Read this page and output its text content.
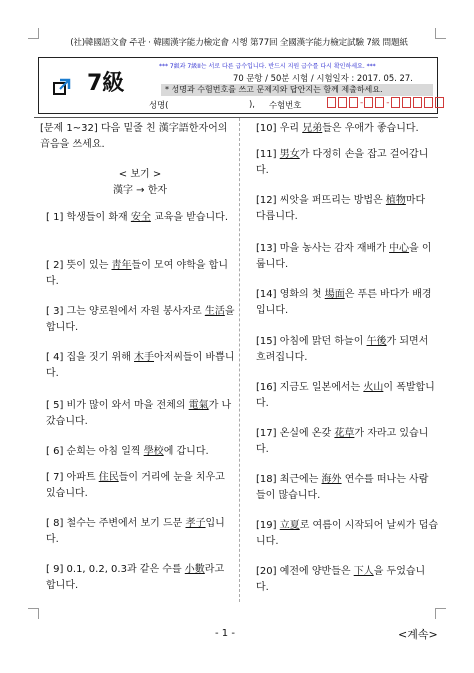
(社)韓國語文會 주관 · 韓國漢字能力檢定會 시행 第77回 全國漢字能力檢定試驗 7級 問題紙
7級
*** 7級과 7級II는 서로 다른 급수입니다. 반드시 지원 급수를 다시 확인하세요. ***
70 문항 / 50분 시험 / 시험일자 : 2017. 05. 27.
* 성명과 수험번호를 쓰고 문제지와 답안지는 함께 제출하세요.
성명(	), 수험번호	-	-
[문제 1~32] 다음 밑줄 친 漢字語한자어의 音음을 쓰세요.
< 보기 >
漢字 → 한자
[ 1] 학생들이 화재 安全 교육을 받습니다.
[ 2] 뜻이 있는 靑年들이 모여 야학을 합니다.
[ 3] 그는 양로원에서 자원 봉사자로 生活을 합니다.
[ 4] 집을 짓기 위해 木手아저씨들이 바쁩니다.
[ 5] 비가 많이 와서 마을 전체의 電氣가 나갔습니다.
[ 6] 순희는 아침 일찍 學校에 갑니다.
[ 7] 아파트 住民들이 거리에 눈을 치우고 있습니다.
[ 8] 철수는 주변에서 보기 드문 孝子입니다.
[ 9] 0.1, 0.2, 0.3과 같은 수를 小數라고 합니다.
[10] 우리 兄弟들은 우애가 좋습니다.
[11] 男女가 다정히 손을 잡고 걸어갑니다.
[12] 씨앗을 퍼뜨리는 방법은 植物마다 다릅니다.
[13] 마을 농사는 감자 재배가 中心을 이룹니다.
[14] 영화의 첫 場面은 푸른 바다가 배경입니다.
[15] 아침에 맑던 하늘이 午後가 되면서 흐려집니다.
[16] 지금도 일본에서는 火山이 폭발합니다.
[17] 온실에 온갖 花草가 자라고 있습니다.
[18] 최근에는 海外 연수를 떠나는 사람들이 많습니다.
[19] 立夏로 여름이 시작되어 날씨가 덥습니다.
[20] 예전에 양반들은 下人을 두었습니다.
- 1 -	<계속>
